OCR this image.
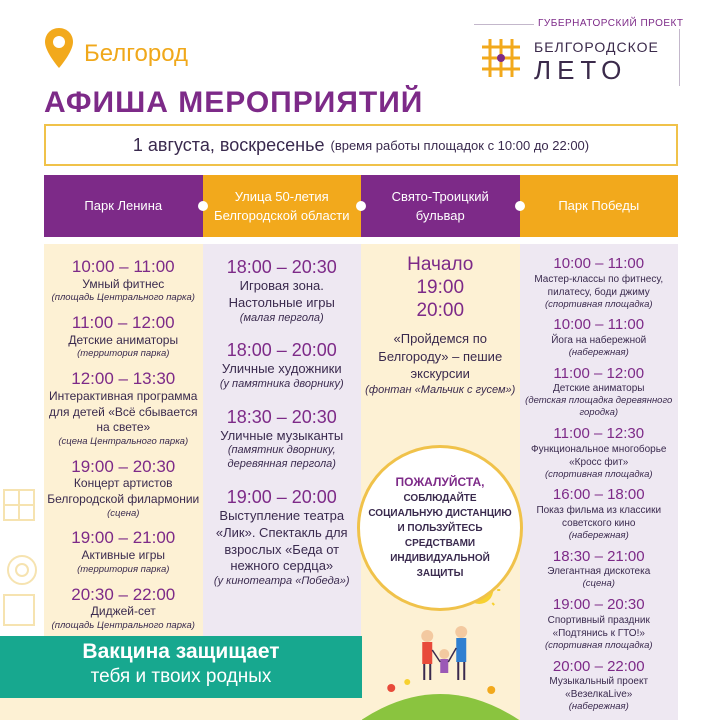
Белгород
АФИША МЕРОПРИЯТИЙ
ГУБЕРНАТОРСКИЙ ПРОЕКТ
БЕЛГОРОДСКОЕ
ЛЕТО
1 августа, воскресенье (время работы площадок с 10:00 до 22:00)
Парк Ленина
Улица 50-летия Белгородской области
Свято-Троицкий бульвар
Парк Победы
10:00 – 11:00
Умный фитнес
(площадь Центрального парка)
11:00 – 12:00
Детские аниматоры
(территория парка)
12:00 – 13:30
Интерактивная программа для детей «Всё сбывается на свете»
(сцена Центрального парка)
19:00 – 20:30
Концерт артистов Белгородской филармонии
(сцена)
19:00 – 21:00
Активные игры
(территория парка)
20:30 – 22:00
Диджей-сет
(площадь Центрального парка)
18:00 – 20:30
Игровая зона. Настольные игры
(малая пергола)
18:00 – 20:00
Уличные художники
(у памятника дворнику)
18:30 – 20:30
Уличные музыканты
(памятник дворнику, деревянная пергола)
19:00 – 20:00
Выступление театра «Лик». Спектакль для взрослых «Беда от нежного сердца»
(у кинотеатра «Победа»)
Начало
19:00
20:00
«Пройдемся по Белгороду» – пешие экскурсии
(фонтан «Мальчик с гусем»)
10:00 – 11:00
Мастер-классы по фитнесу, пилатесу, боди джиму
(спортивная площадка)
10:00 – 11:00
Йога на набережной
(набережная)
11:00 – 12:00
Детские аниматоры
(детская площадка деревянного городка)
11:00 – 12:30
Функциональное многоборье «Кросс фит»
(спортивная площадка)
16:00 – 18:00
Показ фильма из классики советского кино
(набережная)
18:30 – 21:00
Элегантная дискотека
(сцена)
19:00 – 20:30
Спортивный праздник «Подтянись к ГТО!»
(спортивная площадка)
20:00 – 22:00
Музыкальный проект «ВезелкаLive»
(набережная)
ПОЖАЛУЙСТА,
СОБЛЮДАЙТЕ
СОЦИАЛЬНУЮ ДИСТАНЦИЮ
И ПОЛЬЗУЙТЕСЬ
СРЕДСТВАМИ
ИНДИВИДУАЛЬНОЙ
ЗАЩИТЫ
Вакцина защищает
тебя и твоих родных
